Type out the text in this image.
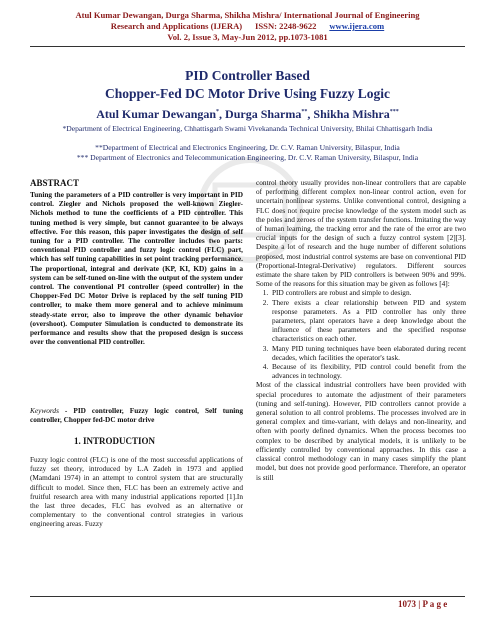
Atul Kumar Dewangan, Durga Sharma, Shikha Mishra/ International Journal of Engineering
Research and Applications (IJERA)      ISSN: 2248-9622      www.ijera.com
Vol. 2, Issue 3, May-Jun 2012, pp.1073-1081
PID Controller Based
Chopper-Fed DC Motor Drive Using Fuzzy Logic
Atul Kumar Dewangan*, Durga Sharma**, Shikha Mishra***
*Department of Electrical Engineering, Chhattisgarh Swami Vivekananda Technical University, Bhilai Chhattisgarh India
**Department of Electrical and Electronics Engineering, Dr. C.V. Raman University, Bilaspur, India
*** Department of Electronics and Telecommunication Engineering, Dr. C.V. Raman University, Bilaspur, India
ABSTRACT
Tuning the parameters of a PID controller is very important in PID control. Ziegler and Nichols proposed the well-known Ziegler-Nichols method to tune the coefficients of a PID controller. This tuning method is very simple, but cannot guarantee to be always effective. For this reason, this paper investigates the design of self tuning for a PID controller. The controller includes two parts: conventional PID controller and fuzzy logic control (FLC) part, which has self tuning capabilities in set point tracking performance. The proportional, integral and derivate (KP, KI, KD) gains in a system can be self-tuned on-line with the output of the system under control. The conventional PI controller (speed controller) in the Chopper-Fed DC Motor Drive is replaced by the self tuning PID controller, to make them more general and to achieve minimum steady-state error, also to improve the other dynamic behavior (overshoot). Computer Simulation is conducted to demonstrate its performance and results show that the proposed design is success over the conventional PID controller.
Keywords - PID controller, Fuzzy logic control, Self tuning controller, Chopper fed-DC motor drive
1. INTRODUCTION
Fuzzy logic control (FLC) is one of the most successful applications of fuzzy set theory, introduced by L.A Zadeh in 1973 and applied (Mamdani 1974) in an attempt to control system that are structurally difficult to model. Since then, FLC has been an extremely active and fruitful research area with many industrial applications reported [1].In the last three decades, FLC has evolved as an alternative or complementary to the conventional control strategies in various engineering areas. Fuzzy
control theory usually provides non-linear controllers that are capable of performing different complex non-linear control action, even for uncertain nonlinear systems. Unlike conventional control, designing a FLC does not require precise knowledge of the system model such as the poles and zeroes of the system transfer functions. Imitating the way of human learning, the tracking error and the rate of the error are two crucial inputs for the design of such a fuzzy control system [2][3]. Despite a lot of research and the huge number of different solutions proposed, most industrial control systems are base on conventional PID (Proportional-Integral-Derivative) regulators. Different sources estimate the share taken by PID controllers is between 90% and 99%. Some of the reasons for this situation may be given as follows [4]:
1. PID controllers are robust and simple to design.
2. There exists a clear relationship between PID and system response parameters. As a PID controller has only three parameters, plant operators have a deep knowledge about the influence of these parameters and the specified response characteristics on each other.
3. Many PID tuning techniques have been elaborated during recent decades, which facilities the operator's task.
4. Because of its flexibility, PID control could benefit from the advances in technology.
Most of the classical industrial controllers have been provided with special procedures to automate the adjustment of their parameters (tuning and self-tuning). However, PID controllers cannot provide a general solution to all control problems. The processes involved are in general complex and time-variant, with delays and non-linearity, and often with poorly defined dynamics. When the process becomes too complex to be described by analytical models, it is unlikely to be efficiently controlled by conventional approaches. In this case a classical control methodology can in many cases simplify the plant model, but does not provide good performance. Therefore, an operator is still
1073 | P a g e
